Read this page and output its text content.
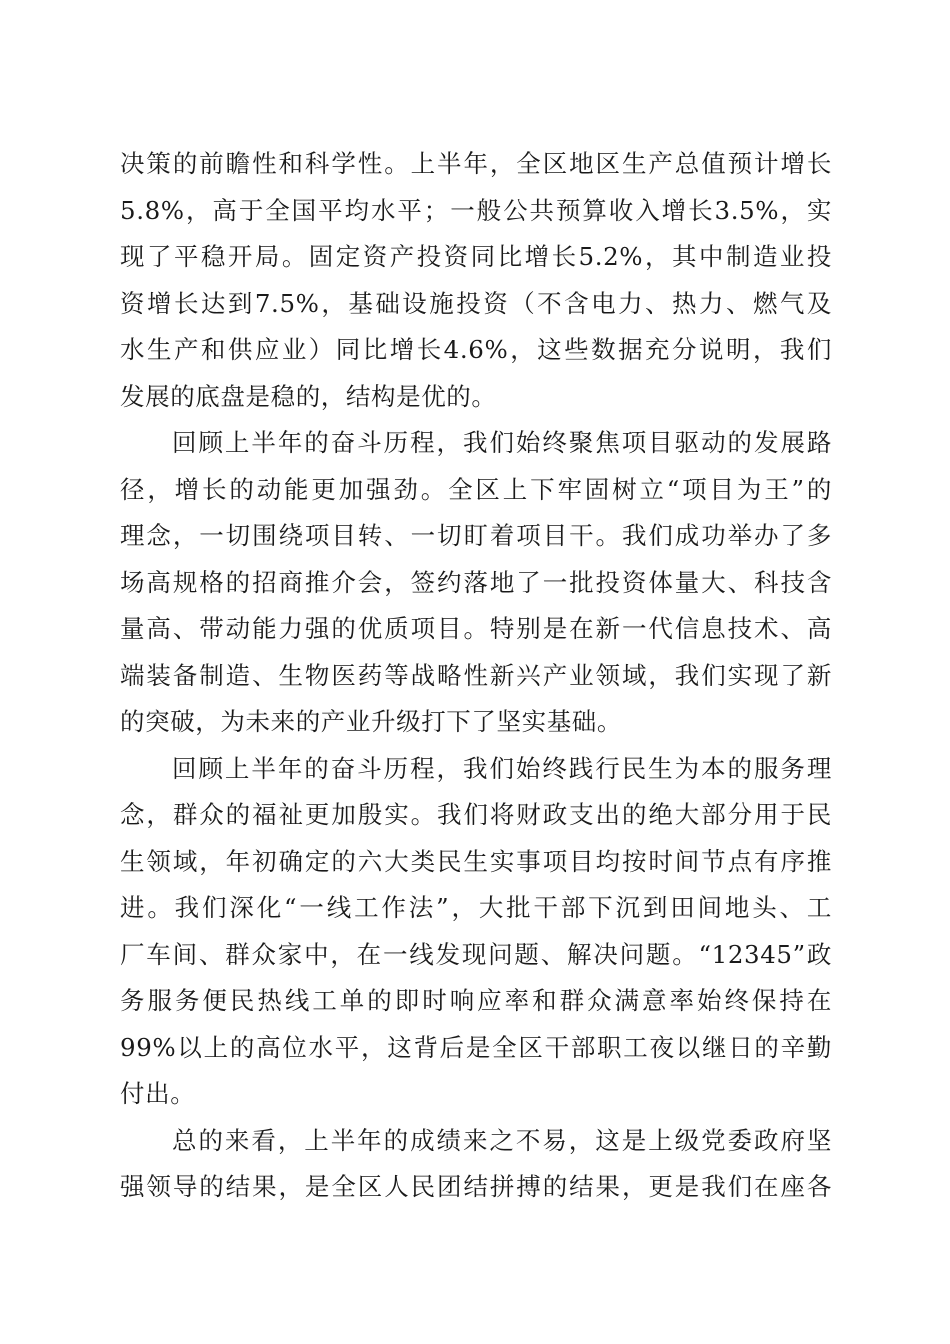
决策的前瞻性和科学性。上半年，全区地区生产总值预计增长
5.8%，高于全国平均水平；一般公共预算收入增长3.5%，实
现了平稳开局。固定资产投资同比增长5.2%，其中制造业投
资增长达到7.5%，基础设施投资（不含电力、热力、燃气及
水生产和供应业）同比增长4.6%，这些数据充分说明，我们
发展的底盘是稳的，结构是优的。
回顾上半年的奋斗历程，我们始终聚焦项目驱动的发展路
径，增长的动能更加强劲。全区上下牢固树立“项目为王”的
理念，一切围绕项目转、一切盯着项目干。我们成功举办了多
场高规格的招商推介会，签约落地了一批投资体量大、科技含
量高、带动能力强的优质项目。特别是在新一代信息技术、高
端装备制造、生物医药等战略性新兴产业领域，我们实现了新
的突破，为未来的产业升级打下了坚实基础。
回顾上半年的奋斗历程，我们始终践行民生为本的服务理
念，群众的福祉更加殷实。我们将财政支出的绝大部分用于民
生领域，年初确定的六大类民生实事项目均按时间节点有序推
进。我们深化“一线工作法”，大批干部下沉到田间地头、工
厂车间、群众家中，在一线发现问题、解决问题。“12345”政
务服务便民热线工单的即时响应率和群众满意率始终保持在
99%以上的高位水平，这背后是全区干部职工夜以继日的辛勤
付出。
总的来看，上半年的成绩来之不易，这是上级党委政府坚
强领导的结果，是全区人民团结拼搏的结果，更是我们在座各
